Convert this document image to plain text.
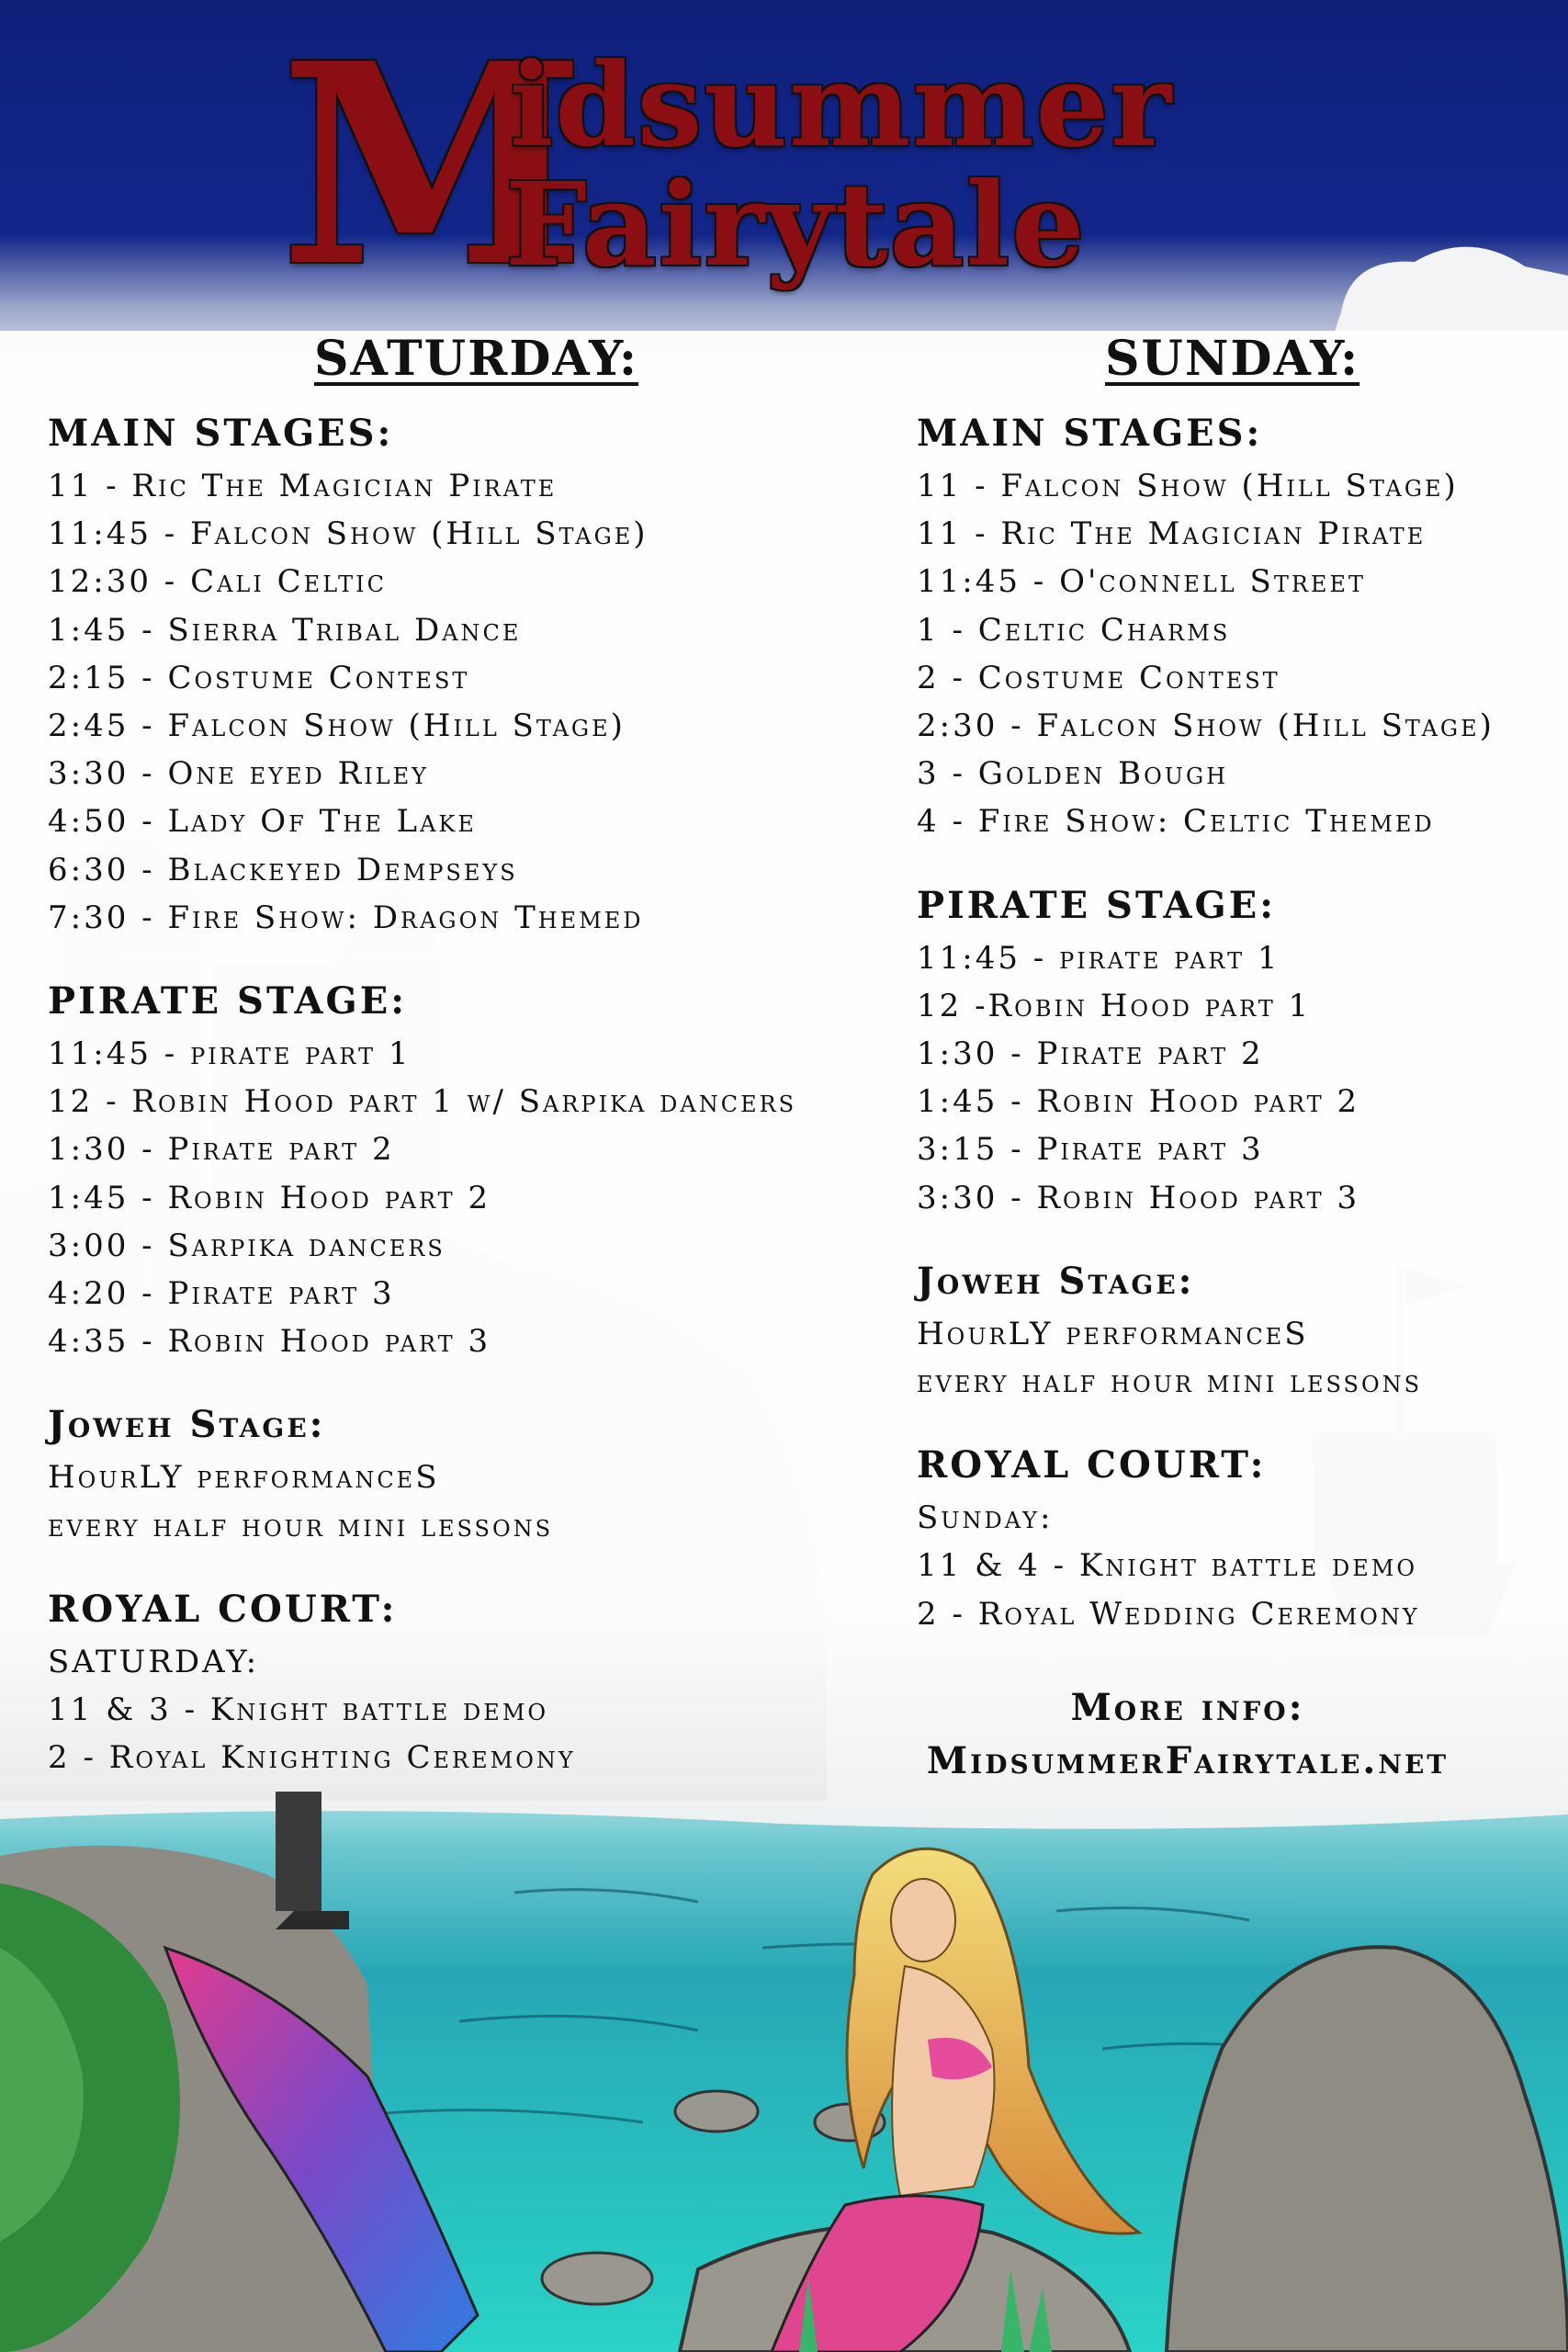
M
idsummer
Fairytale
SATURDAY:
MAIN STAGES:
11 - Ric The Magician Pirate
11:45 - Falcon Show (Hill Stage)
12:30 - Cali Celtic
1:45 - Sierra Tribal Dance
2:15 - Costume Contest
2:45 - Falcon Show (Hill Stage)
3:30 - One eyed Riley
4:50 - Lady Of The Lake
6:30 - Blackeyed Dempseys
7:30 - Fire Show: Dragon Themed
PIRATE STAGE:
11:45 - pirate part 1
12 - Robin Hood part 1 w/ Sarpika dancers
1:30 - Pirate part 2
1:45 - Robin Hood part 2
3:00 - Sarpika dancers
4:20 - Pirate part 3
4:35 - Robin Hood part 3
Joweh Stage:
HourLY performanceS
every half hour mini lessons
ROYAL COURT:
SATURDAY:
11 & 3 - Knight battle demo
2 - Royal Knighting Ceremony
SUNDAY:
MAIN STAGES:
11 - Falcon Show (Hill Stage)
11 - Ric The Magician Pirate
11:45 - O'connell Street
1 - Celtic Charms
2 - Costume Contest
2:30 - Falcon Show (Hill Stage)
3 - Golden Bough
4 - Fire Show: Celtic Themed
PIRATE STAGE:
11:45 - pirate part 1
12 -Robin Hood part 1
1:30 - Pirate part 2
1:45 - Robin Hood part 2
3:15 - Pirate part 3
3:30 - Robin Hood part 3
Joweh Stage:
HourLY performanceS
every half hour mini lessons
ROYAL COURT:
Sunday:
11 & 4 - Knight battle demo
2 - Royal Wedding Ceremony
More info:
MidsummerFairytale.net
